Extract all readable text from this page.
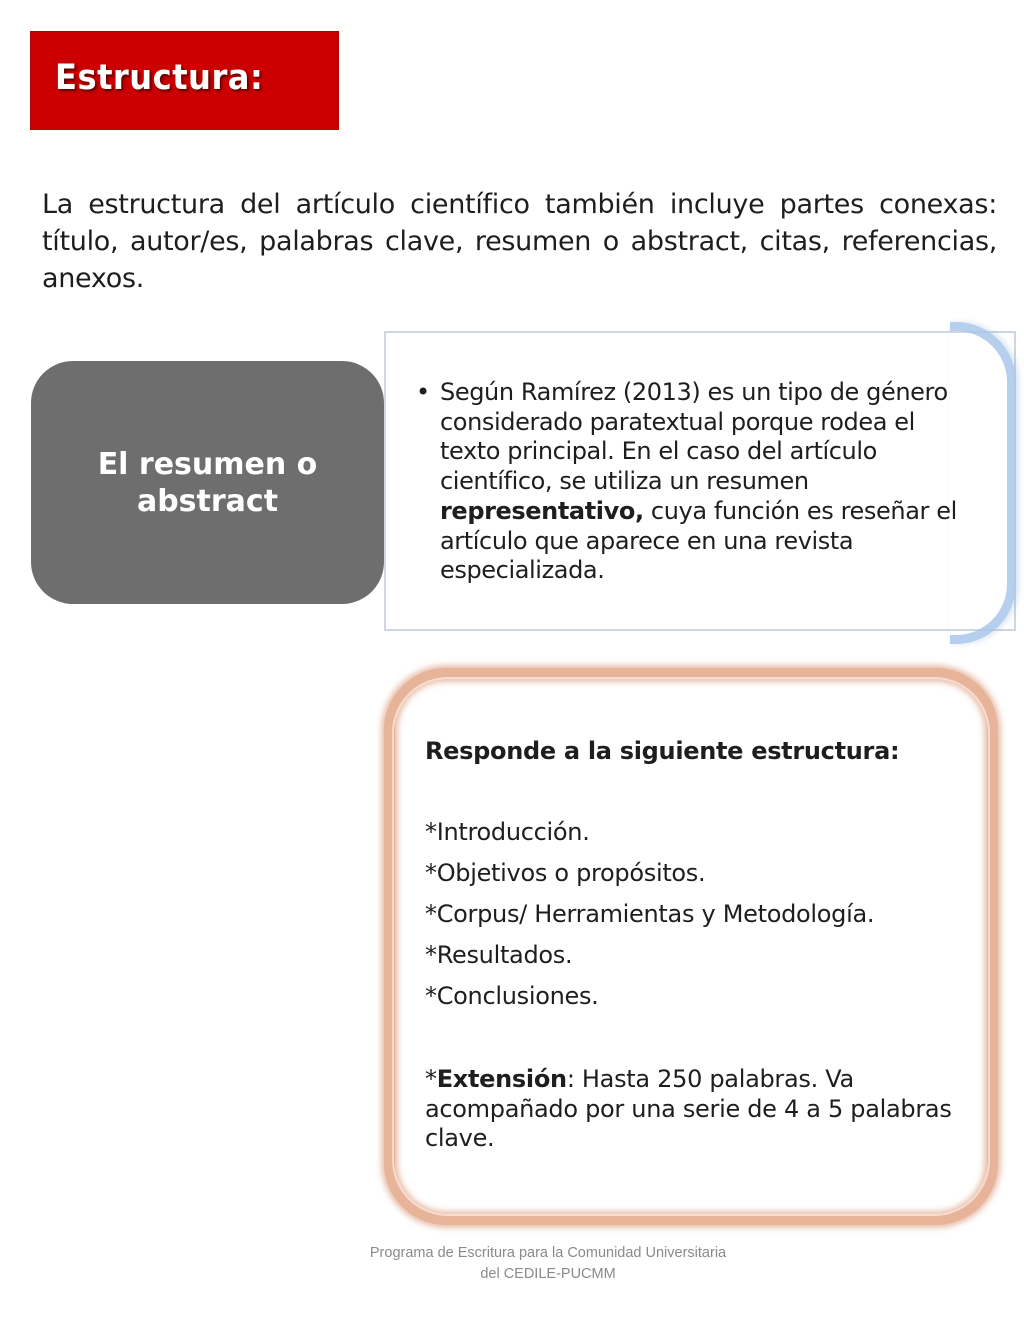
Estructura:
La estructura del artículo científico también incluye partes conexas: título, autor/es, palabras clave, resumen o abstract, citas, referencias, anexos.
• Según Ramírez (2013) es un tipo de género considerado paratextual porque rodea el texto principal. En el caso del artículo científico, se utiliza un resumen representativo, cuya función es reseñar el artículo que aparece en una revista especializada.
El resumen o abstract
Responde a la siguiente estructura:
*Introducción.
*Objetivos o propósitos.
*Corpus/ Herramientas y Metodología.
*Resultados.
*Conclusiones.
*Extensión: Hasta 250 palabras. Va acompañado por una serie de 4 a 5 palabras clave.
Programa de Escritura para la Comunidad Universitaria
del CEDILE-PUCMM
